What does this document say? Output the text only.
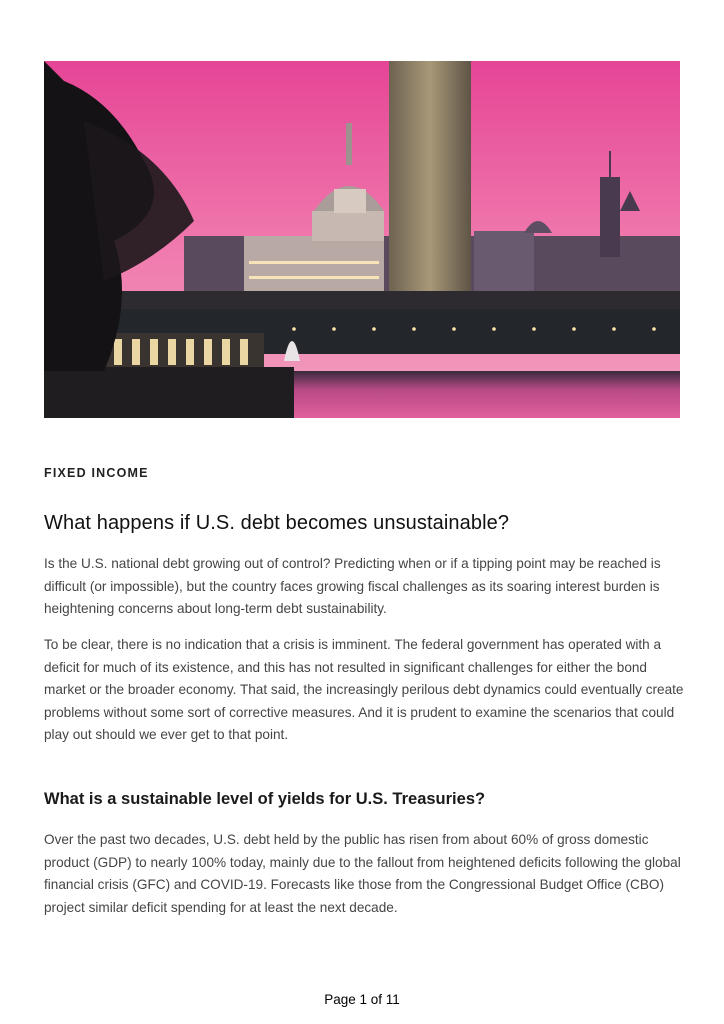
FIXED INCOME

What happens if U.S. debt becomes unsustainable?

Is the U.S. national debt growing out of control? Predicting when or if a tipping point may be reached is difficult (or impossible), but the country faces growing fiscal challenges as its soaring interest burden is heightening concerns about long-term debt sustainability.

To be clear, there is no indication that a crisis is imminent. The federal government has operated with a deficit for much of its existence, and this has not resulted in significant challenges for either the bond market or the broader economy. That said, the increasingly perilous debt dynamics could eventually create problems without some sort of corrective measures. And it is prudent to examine the scenarios that could play out should we ever get to that point.

What is a sustainable level of yields for U.S. Treasuries?

Over the past two decades, U.S. debt held by the public has risen from about 60% of gross domestic product (GDP) to nearly 100% today, mainly due to the fallout from heightened deficits following the global financial crisis (GFC) and COVID-19. Forecasts like those from the Congressional Budget Office (CBO) project similar deficit spending for at least the next decade.

Page 1 of 11
